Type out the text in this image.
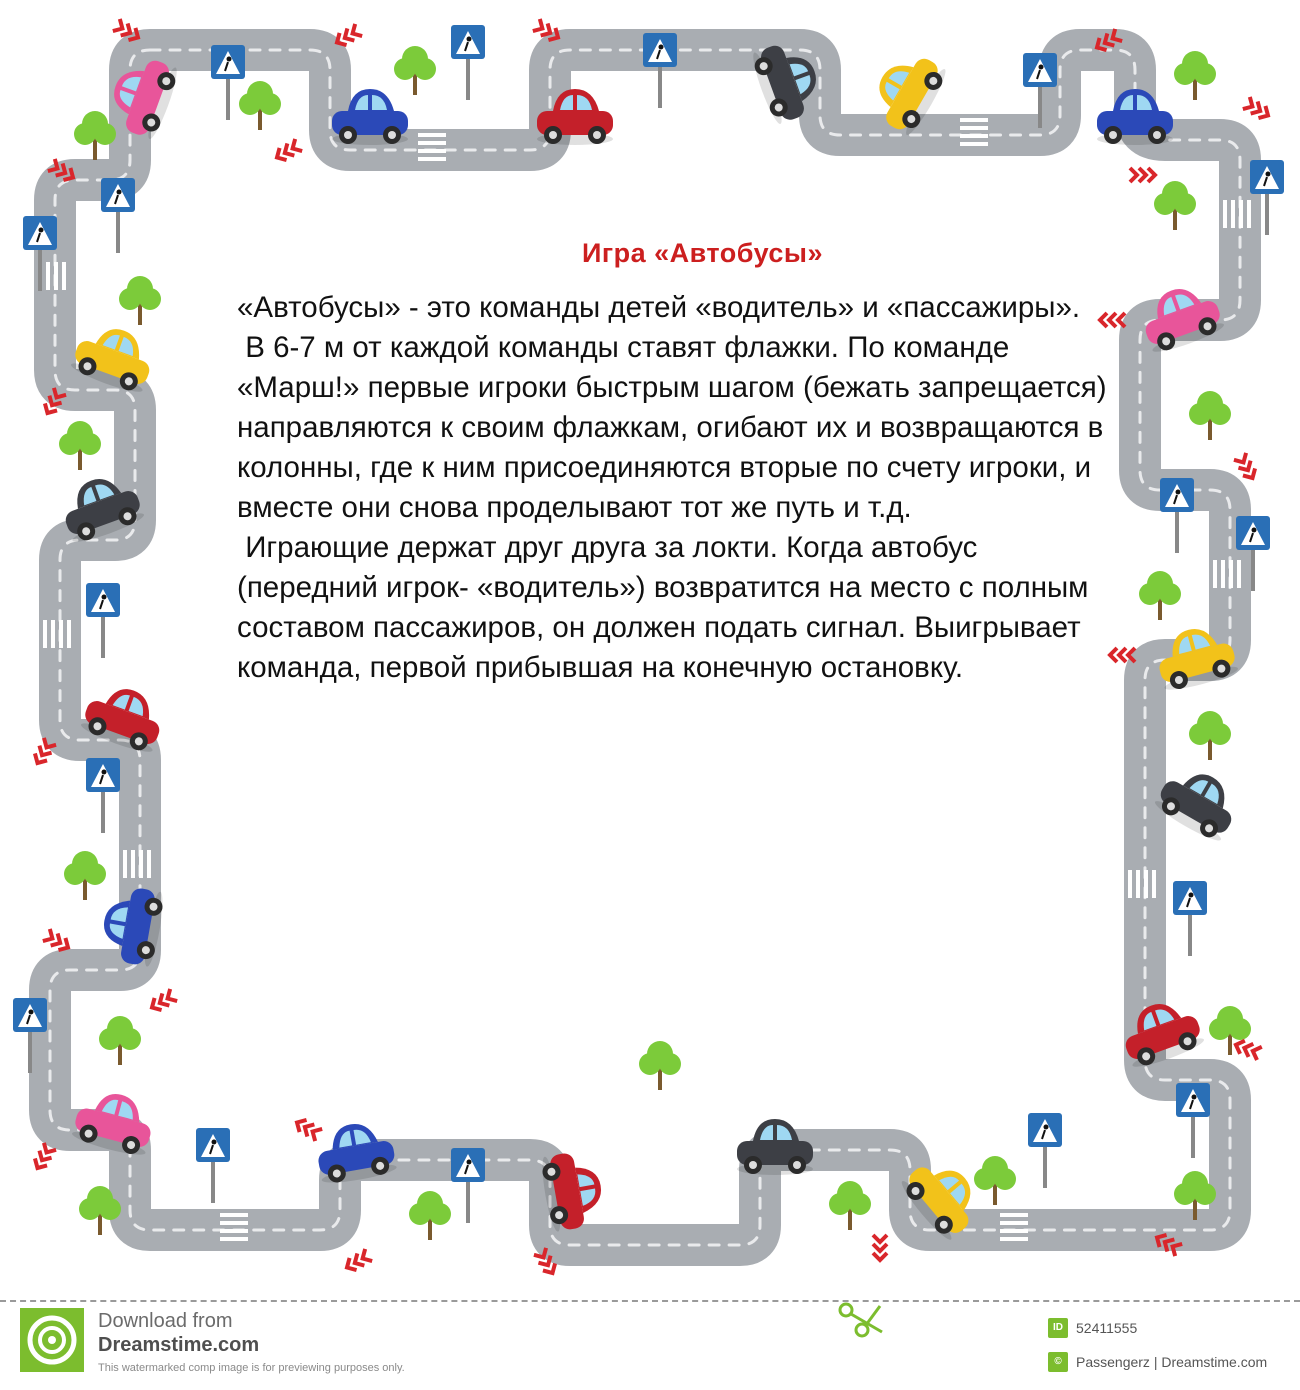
Игра «Автобусы»

«Автобусы» - это команды детей «водитель» и «пассажиры».

В 6-7 м от каждой команды ставят флажки. По команде «Марш!» первые игроки быстрым шагом (бежать запрещается) направляются к своим флажкам, огибают их и возвращаются в колонны, где к ним присоединяются вторые по счету игроки, и вместе они снова проделывают тот же путь и т.д.

Играющие держат друг друга за локти. Когда автобус (передний игрок- «водитель») возвратится на место с полным составом пассажиров, он должен подать сигнал. Выигрывает команда, первой прибывшая на конечную остановку.

Download from
Dreamstime.com
This watermarked comp image is for previewing purposes only.
ID 52411555
©	Passengerz | Dreamstime.com
